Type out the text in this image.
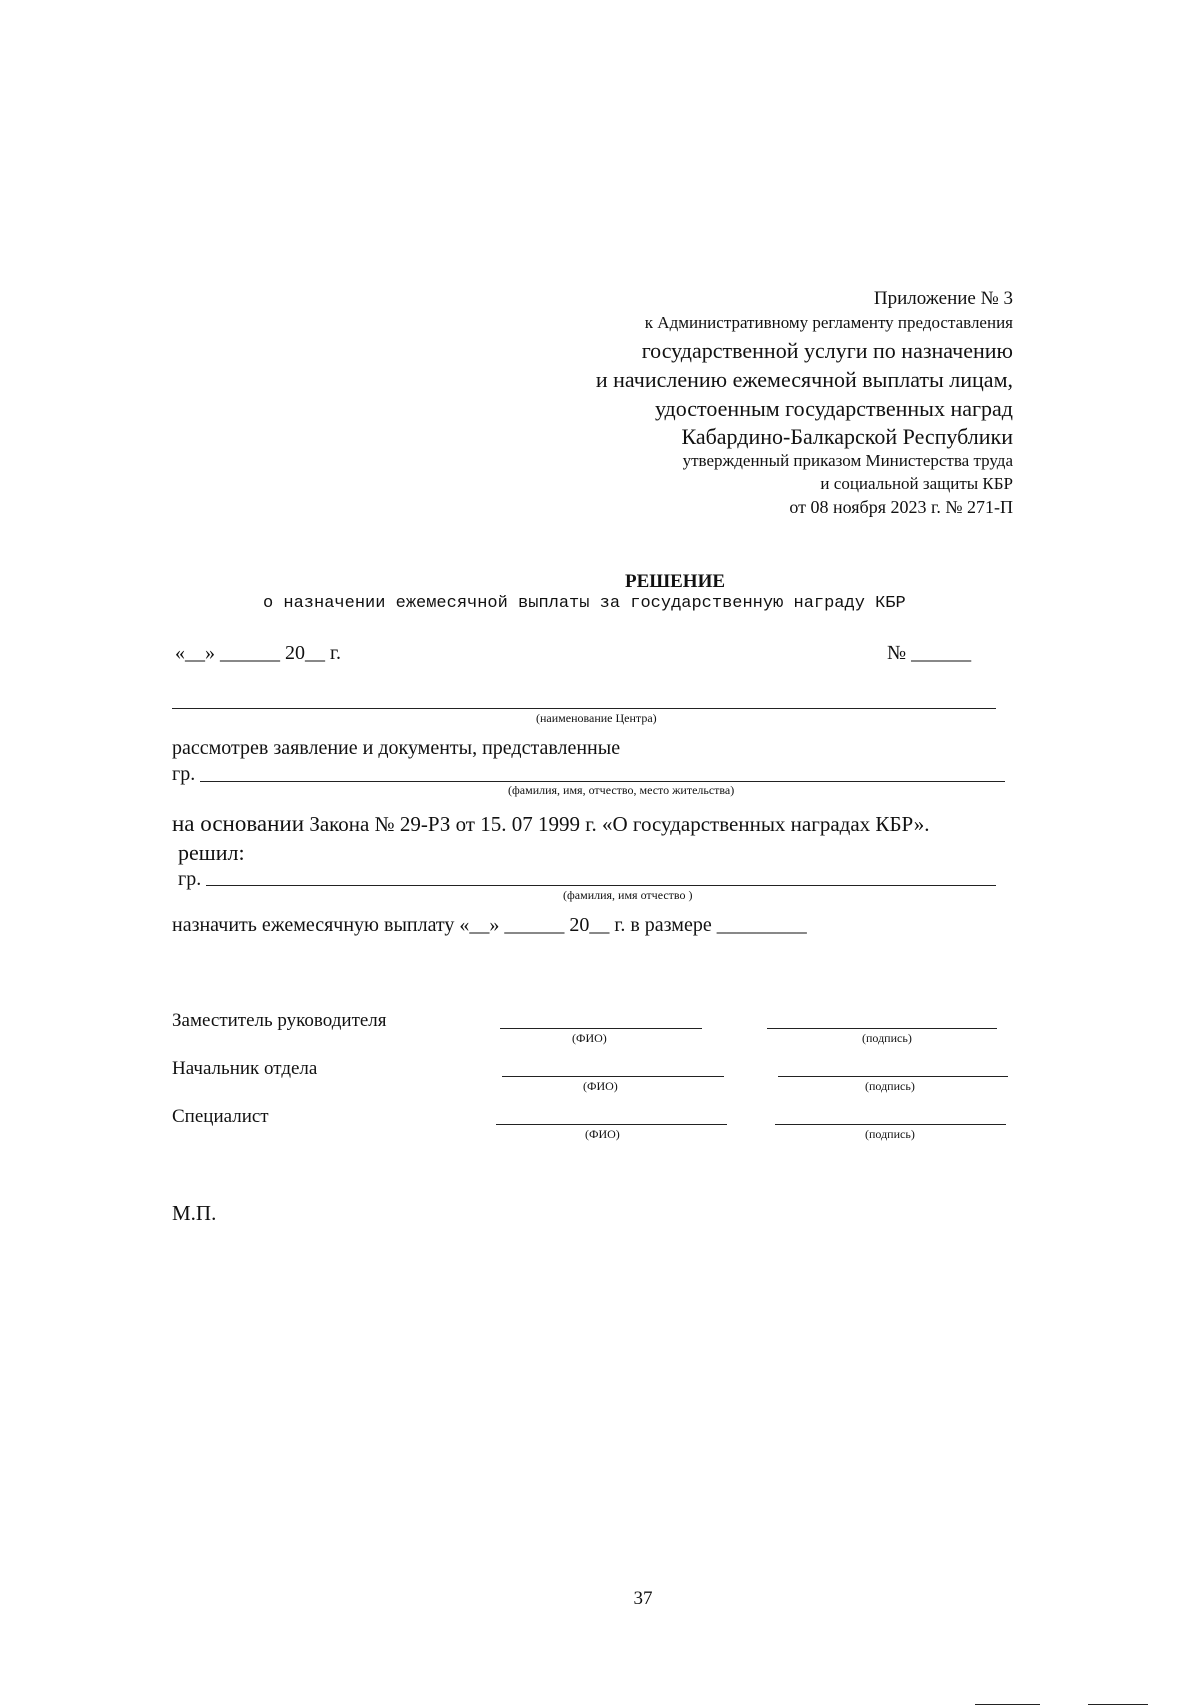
Приложение № 3
к Административному регламенту предоставления
государственной услуги по назначению
и начислению ежемесячной выплаты лицам,
удостоенным государственных наград
Кабардино-Балкарской Республики
утвержденный приказом Министерства труда
и социальной защиты КБР
от 08 ноября 2023 г. № 271-П
РЕШЕНИЕ
о назначении ежемесячной выплаты за государственную награду КБР
«__» ______ 20__ г.	№ ______
(наименование Центра)
рассмотрев заявление и документы, представленные
гр.
(фамилия, имя, отчество, место жительства)
на основании Закона № 29-РЗ от 15. 07 1999 г. «О государственных наградах КБР».
решил:
гр.
(фамилия, имя отчество )
назначить ежемесячную выплату «__» ______ 20__ г. в размере _________
Заместитель руководителя
(ФИО)	(подпись)
Начальник отдела
(ФИО)	(подпись)
Специалист
(ФИО)	(подпись)
М.П.
37
